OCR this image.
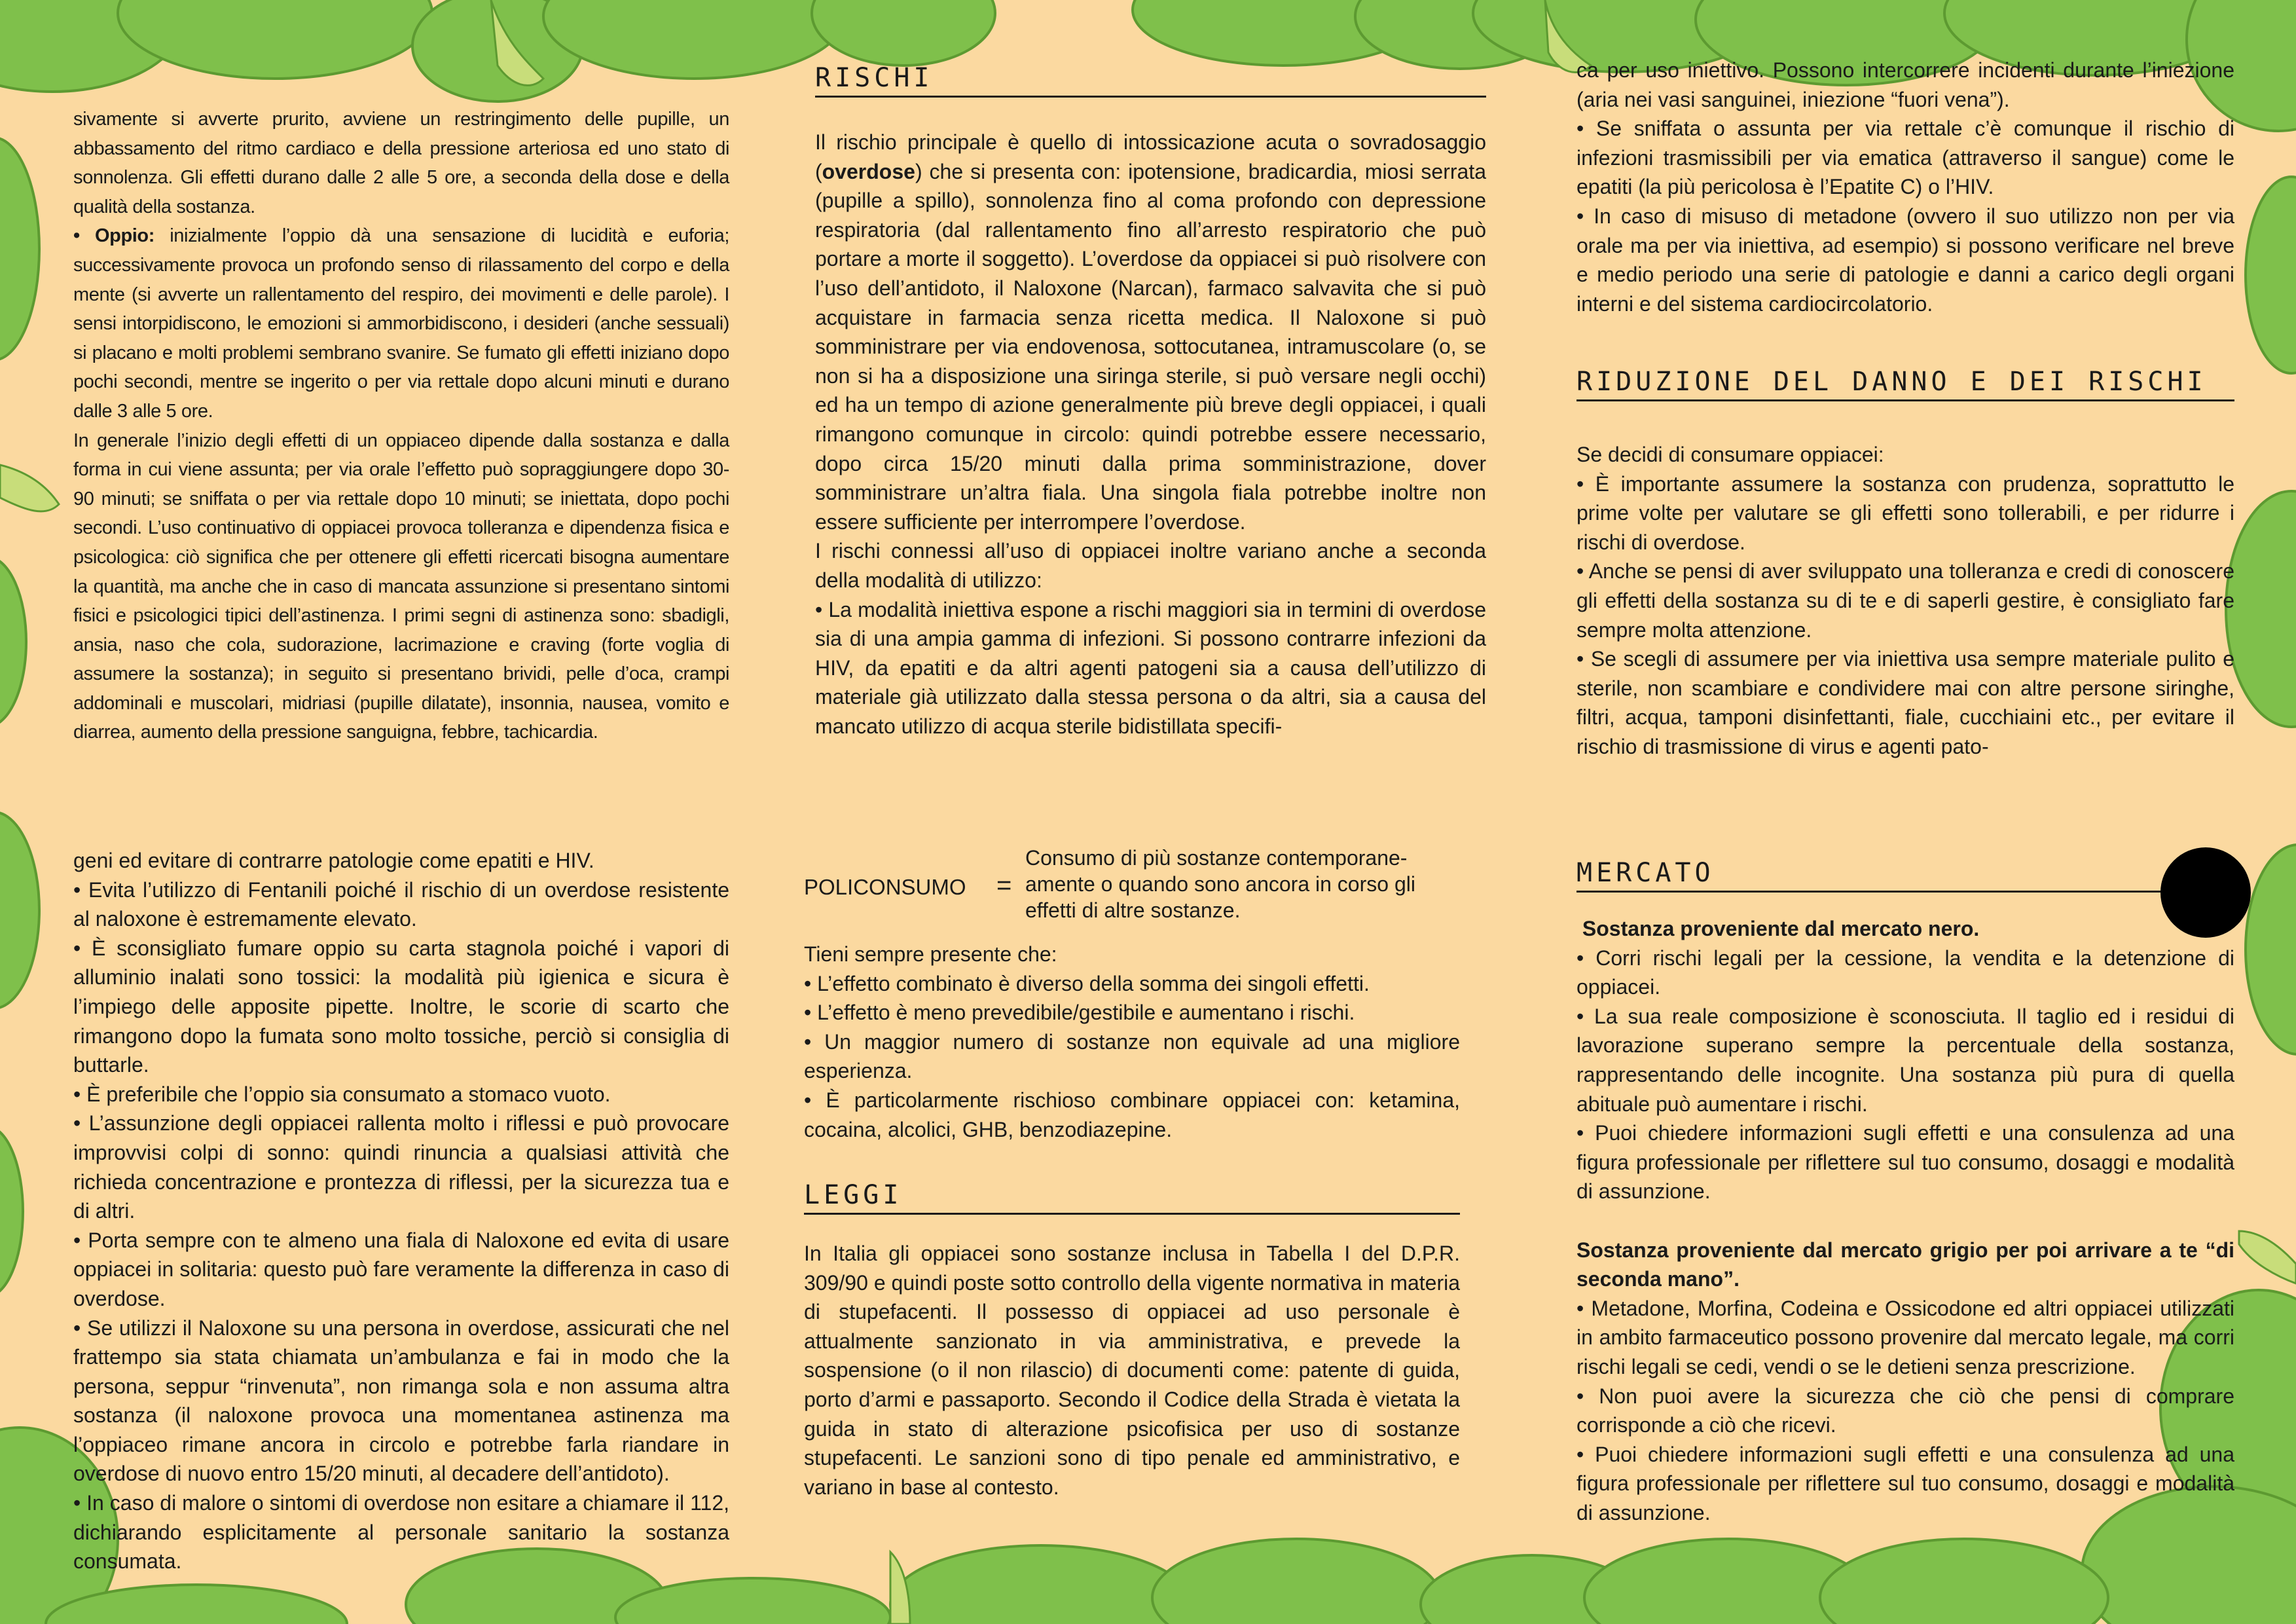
sivamente si avverte prurito, avviene un restringimento delle pupille, un abbassamento del ritmo cardiaco e della pressione arteriosa ed uno stato di sonnolenza. Gli effetti durano dalle 2 alle 5 ore, a seconda della dose e della qualità della sostanza.

• Oppio: inizialmente l’oppio dà una sensazione di lucidità e euforia; successivamente provoca un profondo senso di rilassamento del corpo e della mente (si avverte un rallentamento del respiro, dei movimenti e delle parole). I sensi intorpidiscono, le emozioni si ammorbidiscono, i desideri (anche sessuali) si placano e molti problemi sembrano svanire. Se fumato gli effetti iniziano dopo pochi secondi, mentre se ingerito o per via rettale dopo alcuni minuti e durano dalle 3 alle 5 ore.

In generale l’inizio degli effetti di un oppiaceo dipende dalla sostanza e dalla forma in cui viene assunta; per via orale l’effetto può sopraggiungere dopo 30-90 minuti; se sniffata o per via rettale dopo 10 minuti; se iniettata, dopo pochi secondi. L’uso continuativo di oppiacei provoca tolleranza e dipendenza fisica e psicologica: ciò significa che per ottenere gli effetti ricercati bisogna aumentare la quantità, ma anche che in caso di mancata assunzione si presentano sintomi fisici e psicologici tipici dell’astinenza. I primi segni di astinenza sono: sbadigli, ansia, naso che cola, sudorazione, lacrimazione e craving (forte voglia di assumere la sostanza); in seguito si presentano brividi, pelle d’oca, crampi addominali e muscolari, midriasi (pupille dilatate), insonnia, nausea, vomito e diarrea, aumento della pressione sanguigna, febbre, tachicardia.

RISCHI

Il rischio principale è quello di intossicazione acuta o sovradosaggio (overdose) che si presenta con: ipotensione, bradicardia, miosi serrata (pupille a spillo), sonnolenza fino al coma profondo con depressione respiratoria (dal rallentamento fino all’arresto respiratorio che può portare a morte il soggetto). L’overdose da oppiacei si può risolvere con l’uso dell’antidoto, il Naloxone (Narcan), farmaco salvavita che si può acquistare in farmacia senza ricetta medica. Il Naloxone si può somministrare per via endovenosa, sottocutanea, intramuscolare (o, se non si ha a disposizione una siringa sterile, si può versare negli occhi) ed ha un tempo di azione generalmente più breve degli oppiacei, i quali rimangono comunque in circolo: quindi potrebbe essere necessario, dopo circa 15/20 minuti dalla prima somministrazione, dover somministrare un’altra fiala. Una singola fiala potrebbe inoltre non essere sufficiente per interrompere l’overdose.

I rischi connessi all’uso di oppiacei inoltre variano anche a seconda della modalità di utilizzo:

• La modalità iniettiva espone a rischi maggiori sia in termini di overdose sia di una ampia gamma di infezioni. Si possono contrarre infezioni da HIV, da epatiti e da altri agenti patogeni sia a causa dell’utilizzo di materiale già utilizzato dalla stessa persona o da altri, sia a causa del mancato utilizzo di acqua sterile bidistillata specifi-

ca per uso iniettivo. Possono intercorrere incidenti durante l’iniezione (aria nei vasi sanguinei, iniezione “fuori vena”).

• Se sniffata o assunta per via rettale c’è comunque il rischio di infezioni trasmissibili per via ematica (attraverso il sangue) come le epatiti (la più pericolosa è l’Epatite C) o l’HIV.

• In caso di misuso di metadone (ovvero il suo utilizzo non per via orale ma per via iniettiva, ad esempio) si possono verificare nel breve e medio periodo una serie di patologie e danni a carico degli organi interni e del sistema cardiocircolatorio.

RIDUZIONE DEL DANNO E DEI RISCHI

Se decidi di consumare oppiacei:

• È importante assumere la sostanza con prudenza, soprattutto le prime volte per valutare se gli effetti sono tollerabili, e per ridurre i rischi di overdose.

• Anche se pensi di aver sviluppato una tolleranza e credi di conoscere gli effetti della sostanza su di te e di saperli gestire, è consigliato fare sempre molta attenzione.

• Se scegli di assumere per via iniettiva usa sempre materiale pulito e sterile, non scambiare e condividere mai con altre persone siringhe, filtri, acqua, tamponi disinfettanti, fiale, cucchiaini etc., per evitare il rischio di trasmissione di virus e agenti pato-

geni ed evitare di contrarre patologie come epatiti e HIV.

• Evita l’utilizzo di Fentanili poiché il rischio di un overdose resistente al naloxone è estremamente elevato.

• È sconsigliato fumare oppio su carta stagnola poiché i vapori di alluminio inalati sono tossici: la modalità più igienica e sicura è l’impiego delle apposite pipette. Inoltre, le scorie di scarto che rimangono dopo la fumata sono molto tossiche, perciò si consiglia di buttarle.

• È preferibile che l’oppio sia consumato a stomaco vuoto.

• L’assunzione degli oppiacei rallenta molto i riflessi e può provocare improvvisi colpi di sonno: quindi rinuncia a qualsiasi attività che richieda concentrazione e prontezza di riflessi, per la sicurezza tua e di altri.

• Porta sempre con te almeno una fiala di Naloxone ed evita di usare oppiacei in solitaria: questo può fare veramente la differenza in caso di overdose.

• Se utilizzi il Naloxone su una persona in overdose, assicurati che nel frattempo sia stata chiamata un’ambulanza e fai in modo che la persona, seppur “rinvenuta”, non rimanga sola e non assuma altra sostanza (il naloxone provoca una momentanea astinenza ma l’oppiaceo rimane ancora in circolo e potrebbe farla riandare in overdose di nuovo entro 15/20 minuti, al decadere dell’antidoto).

• In caso di malore o sintomi di overdose non esitare a chiamare il 112, dichiarando esplicitamente al personale sanitario la sostanza consumata.

POLICONSUMO =
Consumo di più sostanze contemporane-
amente o quando sono ancora in corso gli
effetti di altre sostanze.

Tieni sempre presente che:

• L’effetto combinato è diverso della somma dei singoli effetti.

• L’effetto è meno prevedibile/gestibile e aumentano i rischi.

• Un maggior numero di sostanze non equivale ad una migliore esperienza.

• È particolarmente rischioso combinare oppiacei con: ketamina, cocaina, alcolici, GHB, benzodiazepine.

LEGGI

In Italia gli oppiacei sono sostanze inclusa in Tabella I del D.P.R. 309/90 e quindi poste sotto controllo della vigente normativa in materia di stupefacenti. Il possesso di oppiacei ad uso personale è attualmente sanzionato in via amministrativa, e prevede la sospensione (o il non rilascio) di documenti come: patente di guida, porto d’armi e passaporto. Secondo il Codice della Strada è vietata la guida in stato di alterazione psicofisica per uso di sostanze stupefacenti. Le sanzioni sono di tipo penale ed amministrativo, e variano in base al contesto.

MERCATO

Sostanza proveniente dal mercato nero.

• Corri rischi legali per la cessione, la vendita e la detenzione di oppiacei.

• La sua reale composizione è sconosciuta. Il taglio ed i residui di lavorazione superano sempre la percentuale della sostanza, rappresentando delle incognite. Una sostanza più pura di quella abituale può aumentare i rischi.

• Puoi chiedere informazioni sugli effetti e una consulenza ad una figura professionale per riflettere sul tuo consumo, dosaggi e modalità di assunzione.

Sostanza proveniente dal mercato grigio per poi arrivare a te “di seconda mano”.

• Metadone, Morfina, Codeina e Ossicodone ed altri oppiacei utilizzati in ambito farmaceutico possono provenire dal mercato legale, ma corri rischi legali se cedi, vendi o se le detieni senza prescrizione.

• Non puoi avere la sicurezza che ciò che pensi di comprare corrisponde a ciò che ricevi.

• Puoi chiedere informazioni sugli effetti e una consulenza ad una figura professionale per riflettere sul tuo consumo, dosaggi e modalità di assunzione.
